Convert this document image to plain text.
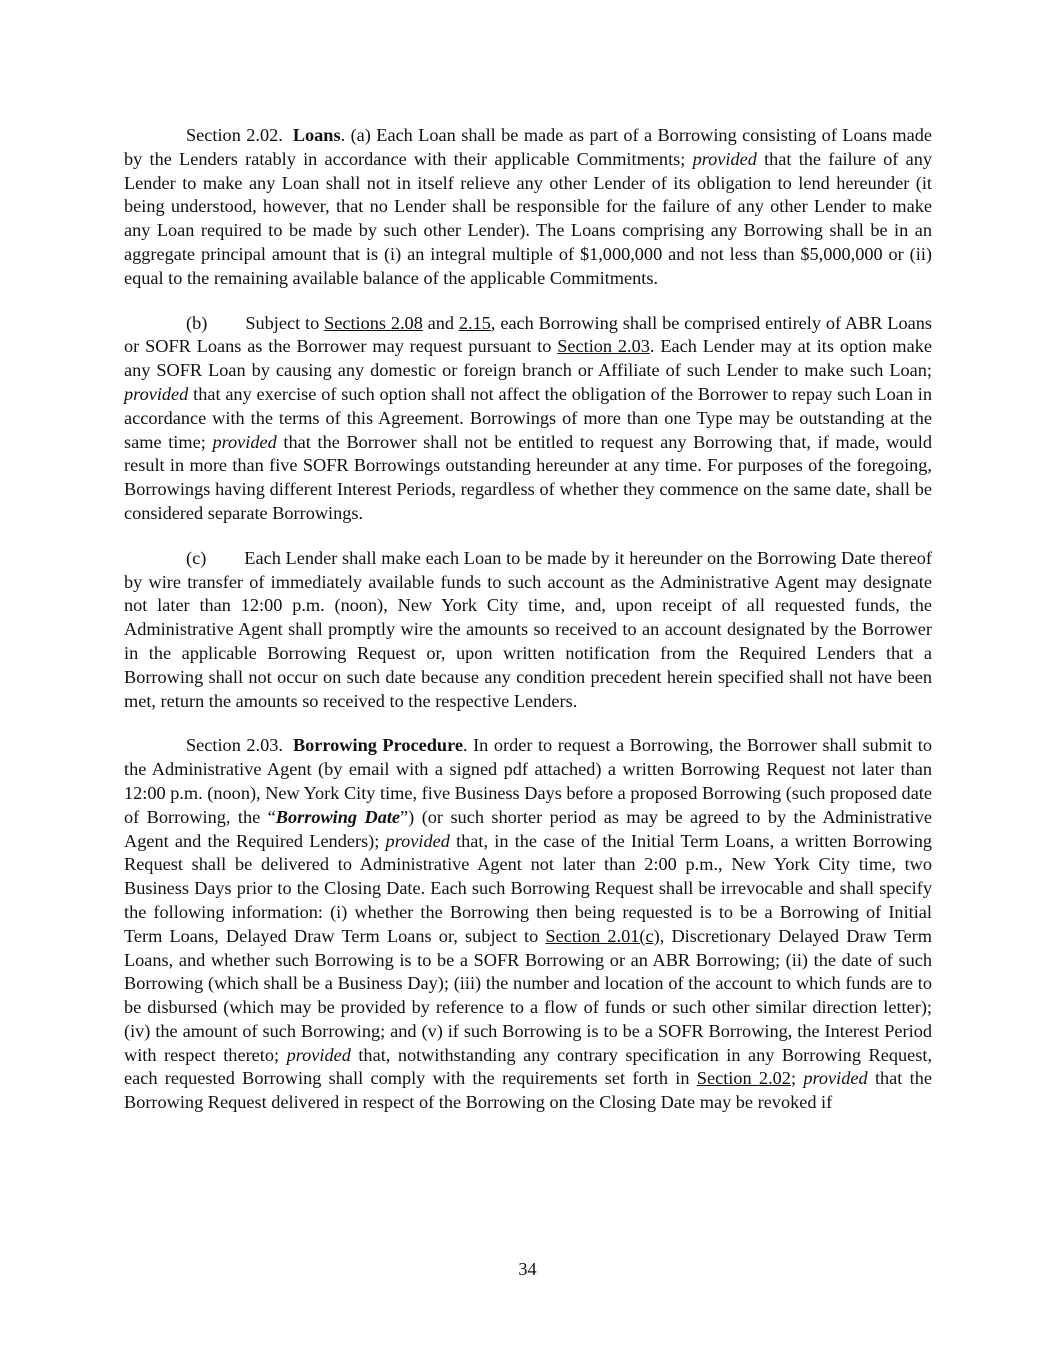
Section 2.02. Loans. (a) Each Loan shall be made as part of a Borrowing consisting of Loans made by the Lenders ratably in accordance with their applicable Commitments; provided that the failure of any Lender to make any Loan shall not in itself relieve any other Lender of its obligation to lend hereunder (it being understood, however, that no Lender shall be responsible for the failure of any other Lender to make any Loan required to be made by such other Lender). The Loans comprising any Borrowing shall be in an aggregate principal amount that is (i) an integral multiple of $1,000,000 and not less than $5,000,000 or (ii) equal to the remaining available balance of the applicable Commitments.

(b) Subject to Sections 2.08 and 2.15, each Borrowing shall be comprised entirely of ABR Loans or SOFR Loans as the Borrower may request pursuant to Section 2.03. Each Lender may at its option make any SOFR Loan by causing any domestic or foreign branch or Affiliate of such Lender to make such Loan; provided that any exercise of such option shall not affect the obligation of the Borrower to repay such Loan in accordance with the terms of this Agreement. Borrowings of more than one Type may be outstanding at the same time; provided that the Borrower shall not be entitled to request any Borrowing that, if made, would result in more than five SOFR Borrowings outstanding hereunder at any time. For purposes of the foregoing, Borrowings having different Interest Periods, regardless of whether they commence on the same date, shall be considered separate Borrowings.

(c) Each Lender shall make each Loan to be made by it hereunder on the Borrowing Date thereof by wire transfer of immediately available funds to such account as the Administrative Agent may designate not later than 12:00 p.m. (noon), New York City time, and, upon receipt of all requested funds, the Administrative Agent shall promptly wire the amounts so received to an account designated by the Borrower in the applicable Borrowing Request or, upon written notification from the Required Lenders that a Borrowing shall not occur on such date because any condition precedent herein specified shall not have been met, return the amounts so received to the respective Lenders.

Section 2.03. Borrowing Procedure. In order to request a Borrowing, the Borrower shall submit to the Administrative Agent (by email with a signed pdf attached) a written Borrowing Request not later than 12:00 p.m. (noon), New York City time, five Business Days before a proposed Borrowing (such proposed date of Borrowing, the “Borrowing Date”) (or such shorter period as may be agreed to by the Administrative Agent and the Required Lenders); provided that, in the case of the Initial Term Loans, a written Borrowing Request shall be delivered to Administrative Agent not later than 2:00 p.m., New York City time, two Business Days prior to the Closing Date. Each such Borrowing Request shall be irrevocable and shall specify the following information: (i) whether the Borrowing then being requested is to be a Borrowing of Initial Term Loans, Delayed Draw Term Loans or, subject to Section 2.01(c), Discretionary Delayed Draw Term Loans, and whether such Borrowing is to be a SOFR Borrowing or an ABR Borrowing; (ii) the date of such Borrowing (which shall be a Business Day); (iii) the number and location of the account to which funds are to be disbursed (which may be provided by reference to a flow of funds or such other similar direction letter); (iv) the amount of such Borrowing; and (v) if such Borrowing is to be a SOFR Borrowing, the Interest Period with respect thereto; provided that, notwithstanding any contrary specification in any Borrowing Request, each requested Borrowing shall comply with the requirements set forth in Section 2.02; provided that the Borrowing Request delivered in respect of the Borrowing on the Closing Date may be revoked if

34
